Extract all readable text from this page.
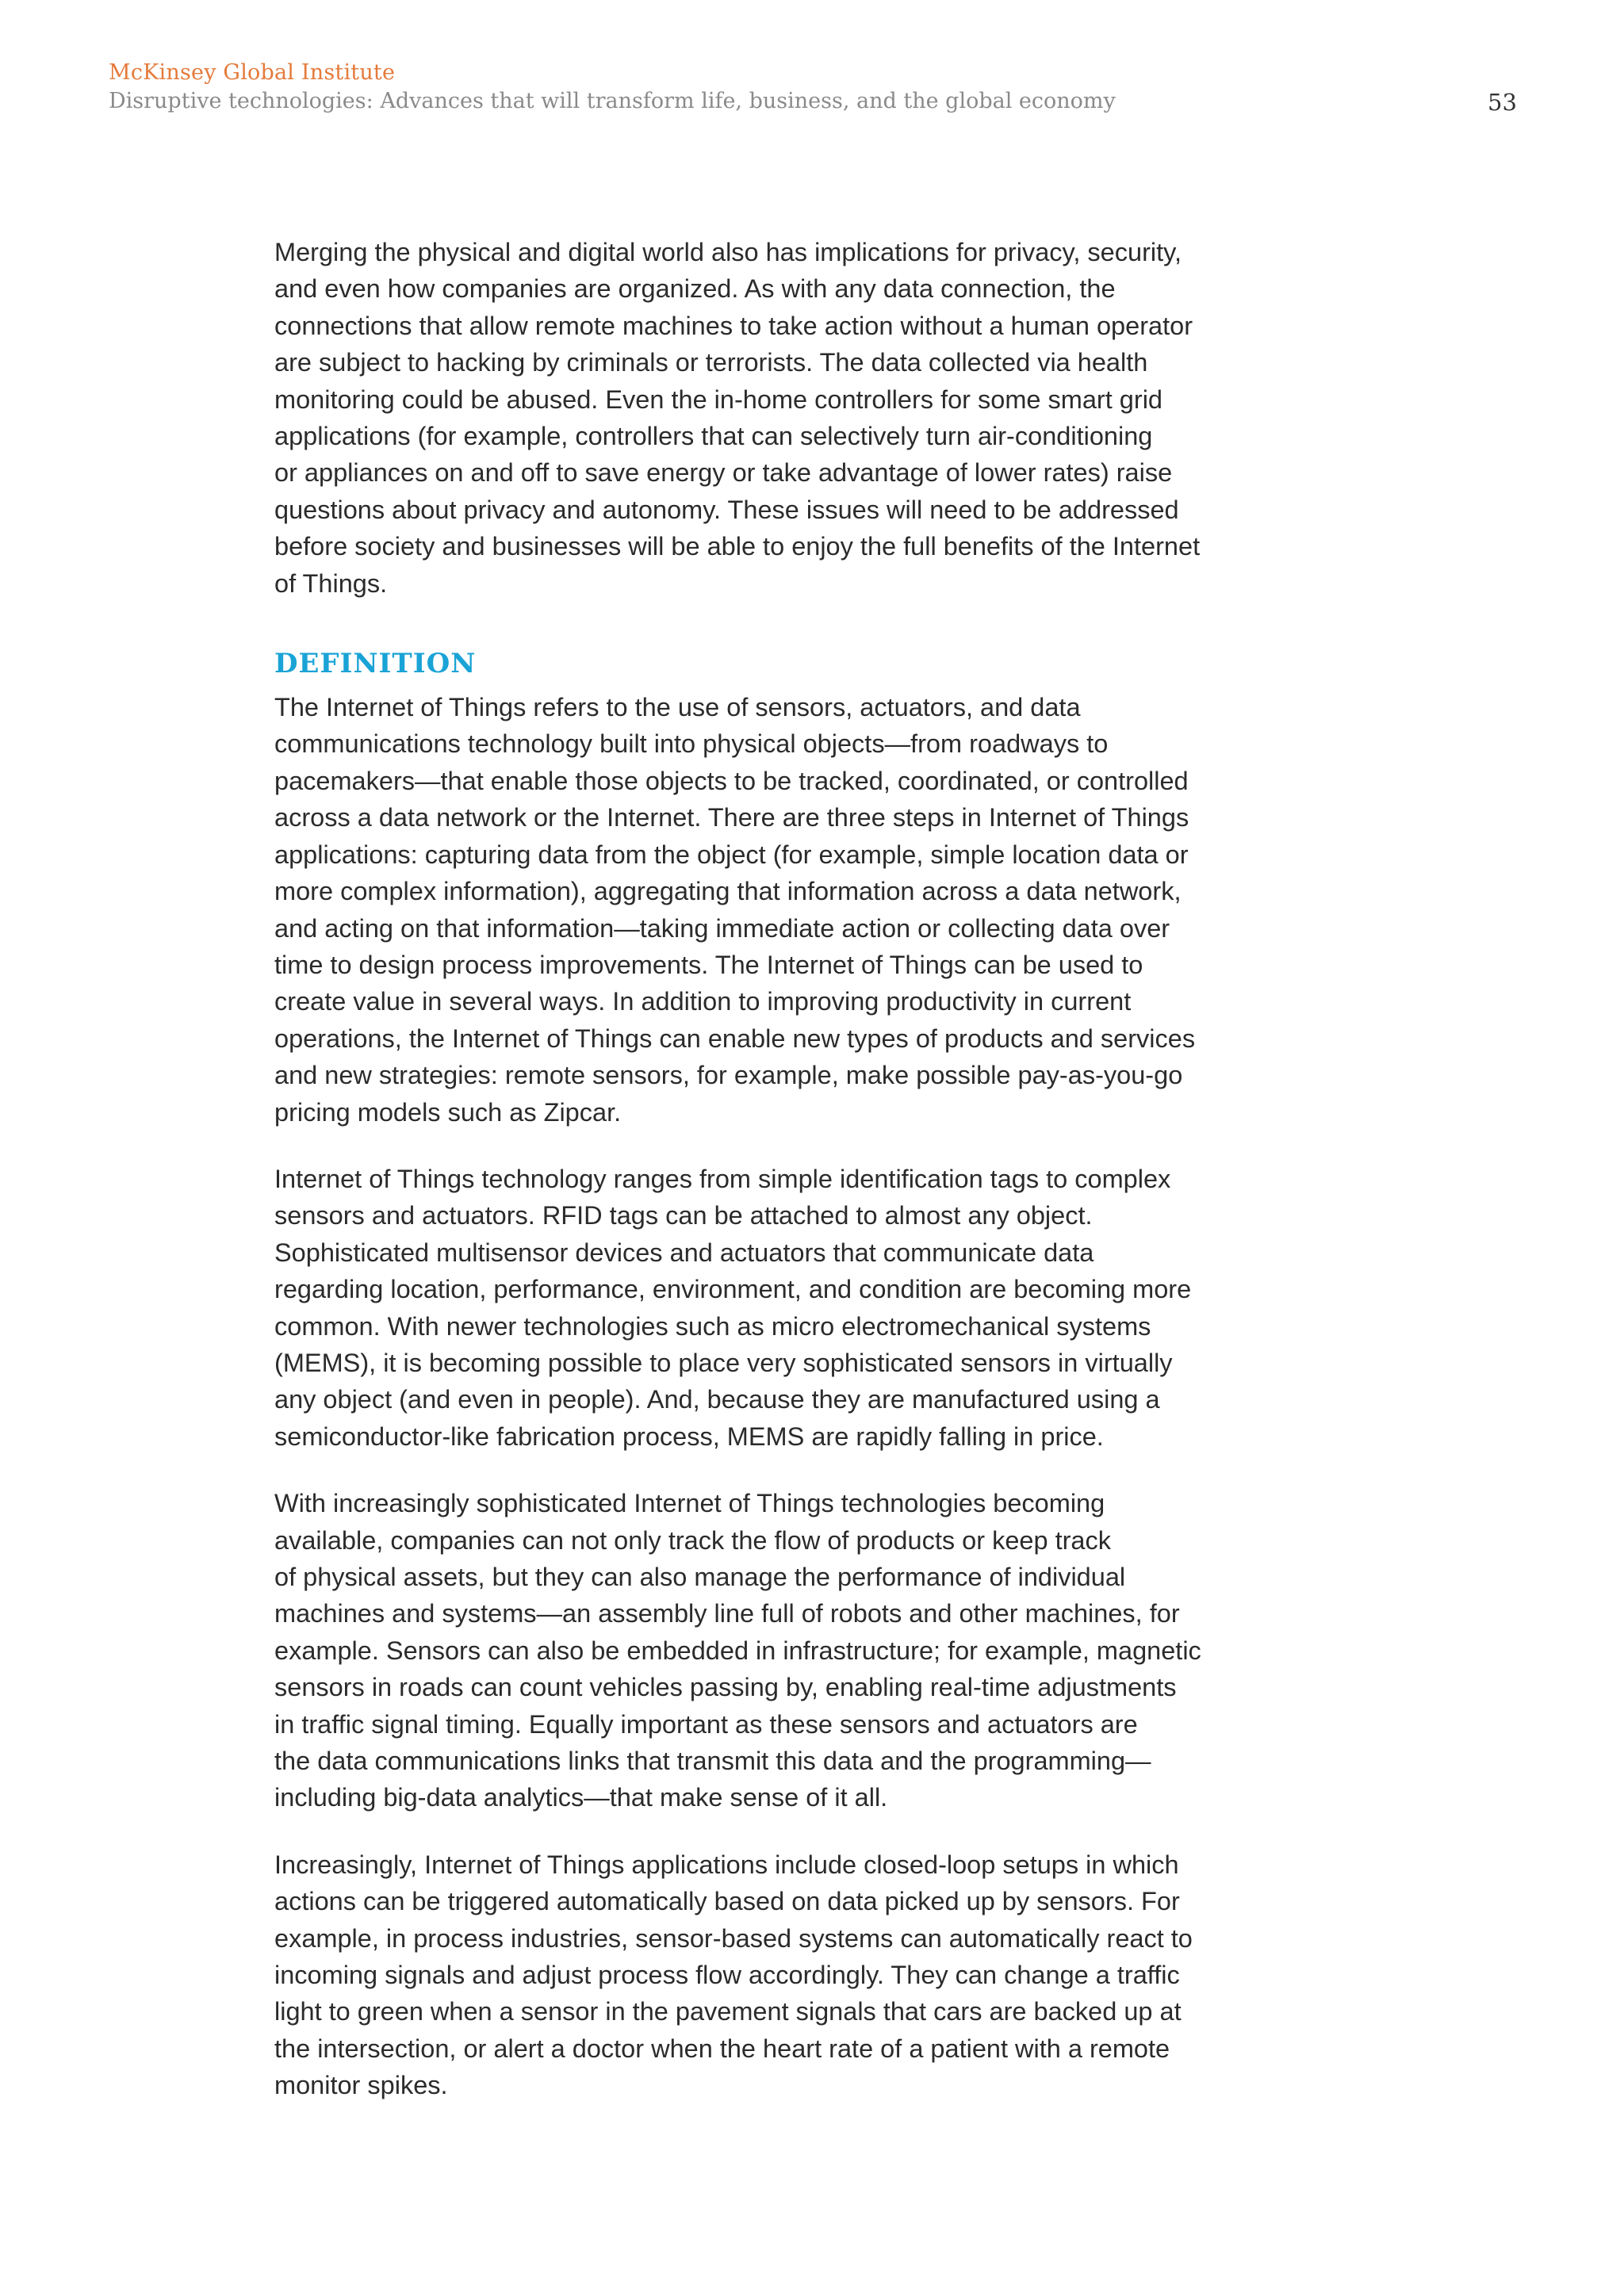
McKinsey Global Institute
Disruptive technologies: Advances that will transform life, business, and the global economy	53

Merging the physical and digital world also has implications for privacy, security,
and even how companies are organized. As with any data connection, the
connections that allow remote machines to take action without a human operator
are subject to hacking by criminals or terrorists. The data collected via health
monitoring could be abused. Even the in-home controllers for some smart grid
applications (for example, controllers that can selectively turn air-conditioning
or appliances on and off to save energy or take advantage of lower rates) raise
questions about privacy and autonomy. These issues will need to be addressed
before society and businesses will be able to enjoy the full benefits of the Internet
of Things.

DEFINITION

The Internet of Things refers to the use of sensors, actuators, and data
communications technology built into physical objects—from roadways to
pacemakers—that enable those objects to be tracked, coordinated, or controlled
across a data network or the Internet. There are three steps in Internet of Things
applications: capturing data from the object (for example, simple location data or
more complex information), aggregating that information across a data network,
and acting on that information—taking immediate action or collecting data over
time to design process improvements. The Internet of Things can be used to
create value in several ways. In addition to improving productivity in current
operations, the Internet of Things can enable new types of products and services
and new strategies: remote sensors, for example, make possible pay-as-you-go
pricing models such as Zipcar.

Internet of Things technology ranges from simple identification tags to complex
sensors and actuators. RFID tags can be attached to almost any object.
Sophisticated multisensor devices and actuators that communicate data
regarding location, performance, environment, and condition are becoming more
common. With newer technologies such as micro electromechanical systems
(MEMS), it is becoming possible to place very sophisticated sensors in virtually
any object (and even in people). And, because they are manufactured using a
semiconductor-like fabrication process, MEMS are rapidly falling in price.

With increasingly sophisticated Internet of Things technologies becoming
available, companies can not only track the flow of products or keep track
of physical assets, but they can also manage the performance of individual
machines and systems—an assembly line full of robots and other machines, for
example. Sensors can also be embedded in infrastructure; for example, magnetic
sensors in roads can count vehicles passing by, enabling real-time adjustments
in traffic signal timing. Equally important as these sensors and actuators are
the data communications links that transmit this data and the programming—
including big-data analytics—that make sense of it all.

Increasingly, Internet of Things applications include closed-loop setups in which
actions can be triggered automatically based on data picked up by sensors. For
example, in process industries, sensor-based systems can automatically react to
incoming signals and adjust process flow accordingly. They can change a traffic
light to green when a sensor in the pavement signals that cars are backed up at
the intersection, or alert a doctor when the heart rate of a patient with a remote
monitor spikes.
